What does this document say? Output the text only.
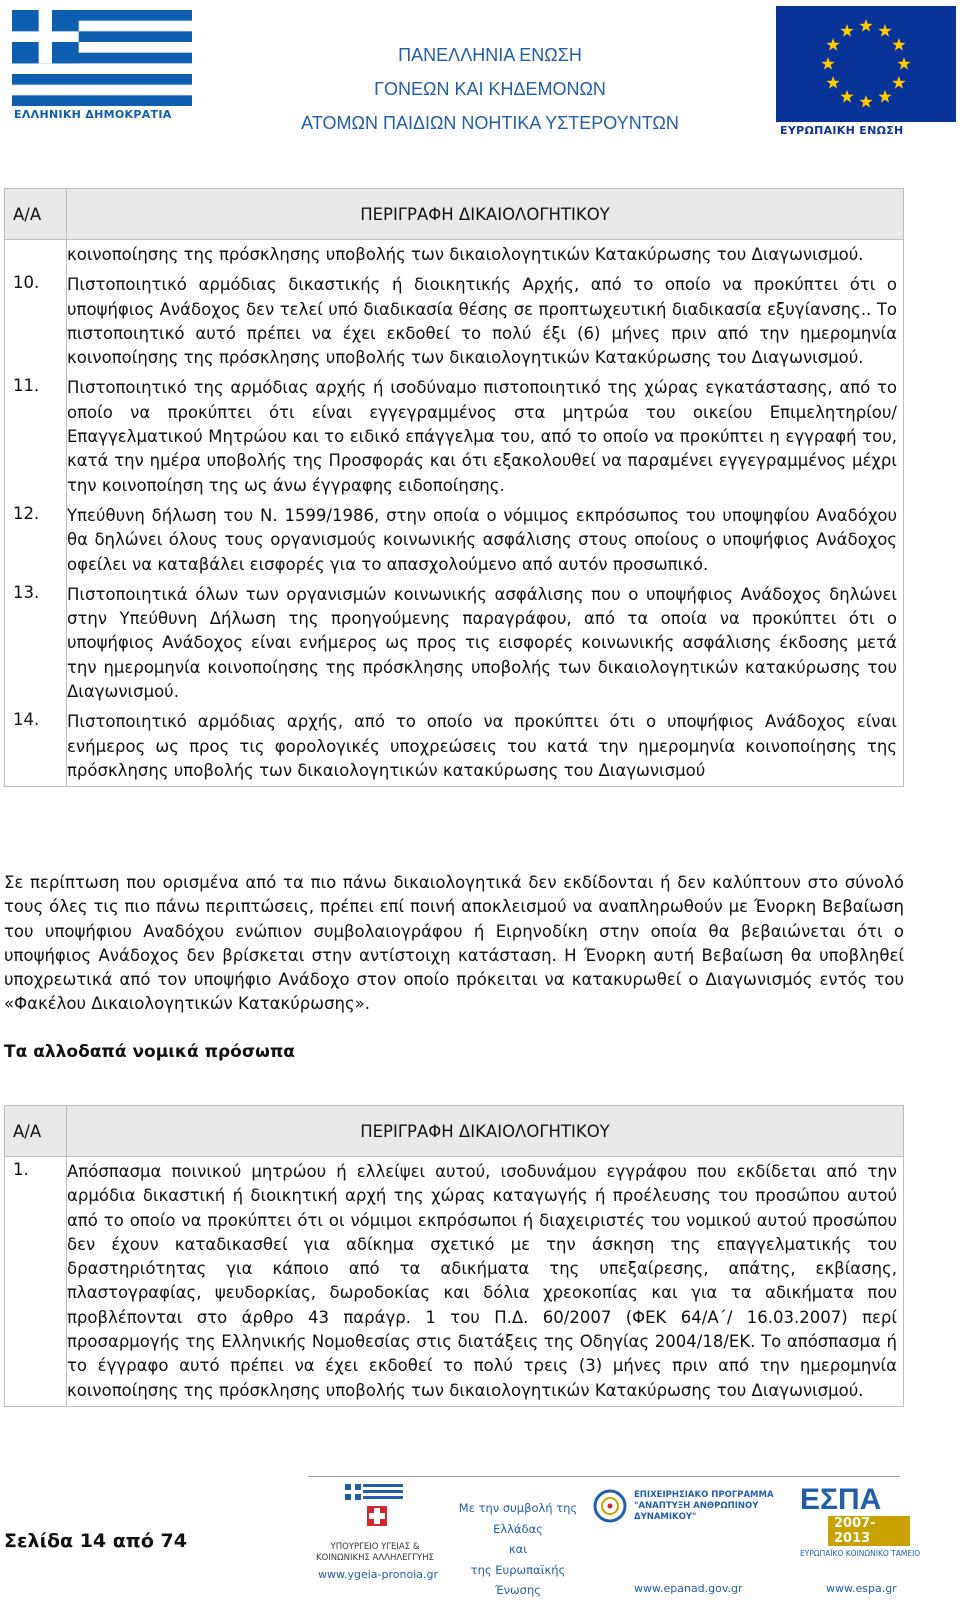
ΕΛΛΗΝΙΚΗ ΔΗΜΟΚΡΑΤΙΑ
ΠΑΝΕΛΛΗΝΙΑ ΕΝΩΣΗ
ΓΟΝΕΩΝ ΚΑΙ ΚΗΔΕΜΟΝΩΝ
ΑΤΟΜΩΝ ΠΑΙΔΙΩΝ ΝΟΗΤΙΚΑ ΥΣΤΕΡΟΥΝΤΩΝ	ΕΥΡΩΠΑΙΚΗ ΕΝΩΣΗ
Α/Α	ΠΕΡΙΓΡΑΦΗ ΔΙΚΑΙΟΛΟΓΗΤΙΚΟΥ
	κοινοποίησης της πρόσκλησης υποβολής των δικαιολογητικών Κατακύρωσης του Διαγωνισμού.
10.	Πιστοποιητικό αρμόδιας δικαστικής ή διοικητικής Αρχής, από το οποίο να προκύπτει ότι ο υποψήφιος Ανάδοχος δεν τελεί υπό διαδικασία θέσης σε προπτωχευτική διαδικασία εξυγίανσης.. Το πιστοποιητικό αυτό πρέπει να έχει εκδοθεί το πολύ έξι (6) μήνες πριν από την ημερομηνία κοινοποίησης της πρόσκλησης υποβολής των δικαιολογητικών Κατακύρωσης του Διαγωνισμού.
11.	Πιστοποιητικό της αρμόδιας αρχής ή ισοδύναμο πιστοποιητικό της χώρας εγκατάστασης, από το οποίο να προκύπτει ότι είναι εγγεγραμμένος στα μητρώα του οικείου Επιμελητηρίου/Επαγγελματικού Μητρώου και το ειδικό επάγγελμα του, από το οποίο να προκύπτει η εγγραφή του, κατά την ημέρα υποβολής της Προσφοράς και ότι εξακολουθεί να παραμένει εγγεγραμμένος μέχρι την κοινοποίηση της ως άνω έγγραφης ειδοποίησης.
12.	Υπεύθυνη δήλωση του Ν. 1599/1986, στην οποία ο νόμιμος εκπρόσωπος του υποψηφίου Αναδόχου θα δηλώνει όλους τους οργανισμούς κοινωνικής ασφάλισης στους οποίους ο υποψήφιος Ανάδοχος οφείλει να καταβάλει εισφορές για το απασχολούμενο από αυτόν προσωπικό.
13.	Πιστοποιητικά όλων των οργανισμών κοινωνικής ασφάλισης που ο υποψήφιος Ανάδοχος δηλώνει στην Υπεύθυνη Δήλωση της προηγούμενης παραγράφου, από τα οποία να προκύπτει ότι ο υποψήφιος Ανάδοχος είναι ενήμερος ως προς τις εισφορές κοινωνικής ασφάλισης έκδοσης μετά την ημερομηνία κοινοποίησης της πρόσκλησης υποβολής των δικαιολογητικών κατακύρωσης του Διαγωνισμού.
14.	Πιστοποιητικό αρμόδιας αρχής, από το οποίο να προκύπτει ότι ο υποψήφιος Ανάδοχος είναι ενήμερος ως προς τις φορολογικές υποχρεώσεις του κατά την ημερομηνία κοινοποίησης της πρόσκλησης υποβολής των δικαιολογητικών κατακύρωσης του Διαγωνισμού

Σε περίπτωση που ορισμένα από τα πιο πάνω δικαιολογητικά δεν εκδίδονται ή δεν καλύπτουν στο σύνολό τους όλες τις πιο πάνω περιπτώσεις, πρέπει επί ποινή αποκλεισμού να αναπληρωθούν με Ένορκη Βεβαίωση του υποψήφιου Αναδόχου ενώπιον συμβολαιογράφου ή Ειρηνοδίκη στην οποία θα βεβαιώνεται ότι ο υποψήφιος Ανάδοχος δεν βρίσκεται στην αντίστοιχη κατάσταση. Η Ένορκη αυτή Βεβαίωση θα υποβληθεί υποχρεωτικά από τον υποψήφιο Ανάδοχο στον οποίο πρόκειται να κατακυρωθεί ο Διαγωνισμός εντός του «Φακέλου Δικαιολογητικών Κατακύρωσης».

Τα αλλοδαπά νομικά πρόσωπα

Α/Α	ΠΕΡΙΓΡΑΦΗ ΔΙΚΑΙΟΛΟΓΗΤΙΚΟΥ
1.	Απόσπασμα ποινικού μητρώου ή ελλείψει αυτού, ισοδυνάμου εγγράφου που εκδίδεται από την αρμόδια δικαστική ή διοικητική αρχή της χώρας καταγωγής ή προέλευσης του προσώπου αυτού από το οποίο να προκύπτει ότι οι νόμιμοι εκπρόσωποι ή διαχειριστές του νομικού αυτού προσώπου δεν έχουν καταδικασθεί για αδίκημα σχετικό με την άσκηση της επαγγελματικής του δραστηριότητας για κάποιο από τα αδικήματα της υπεξαίρεσης, απάτης, εκβίασης, πλαστογραφίας, ψευδορκίας, δωροδοκίας και δόλια χρεοκοπίας και για τα αδικήματα που προβλέπονται στο άρθρο 43 παράγρ. 1 του Π.Δ. 60/2007 (ΦΕΚ 64/Α΄/ 16.03.2007) περί προσαρμογής της Ελληνικής Νομοθεσίας στις διατάξεις της Οδηγίας 2004/18/ΕΚ. Το απόσπασμα ή το έγγραφο αυτό πρέπει να έχει εκδοθεί το πολύ τρεις (3) μήνες πριν από την ημερομηνία κοινοποίησης της πρόσκλησης υποβολής των δικαιολογητικών Κατακύρωσης του Διαγωνισμού.
Σελίδα 14 από 74	ΥΠΟΥΡΓΕΙΟ ΥΓΕΙΑΣ & ΚΟΙΝΩΝΙΚΗΣ ΑΛΛΗΛΕΓΓΥΗΣ
www.ygeia-pronoia.gr
Με την συμβολή της
Ελλάδας
και
της Ευρωπαϊκής
Ένωσης
ΕΠΙΧΕΙΡΗΣΙΑΚΟ ΠΡΟΓΡΑΜΜΑ
"ΑΝΑΠΤΥΞΗ ΑΝΘΡΩΠΙΝΟΥ ΔΥΝΑΜΙΚΟΥ"
www.epanad.gov.gr
ΕΣΠΑ
2007-2013
ΕΥΡΩΠΑΪΚΟ ΚΟΙΝΩΝΙΚΟ ΤΑΜΕΙΟ
www.espa.gr
